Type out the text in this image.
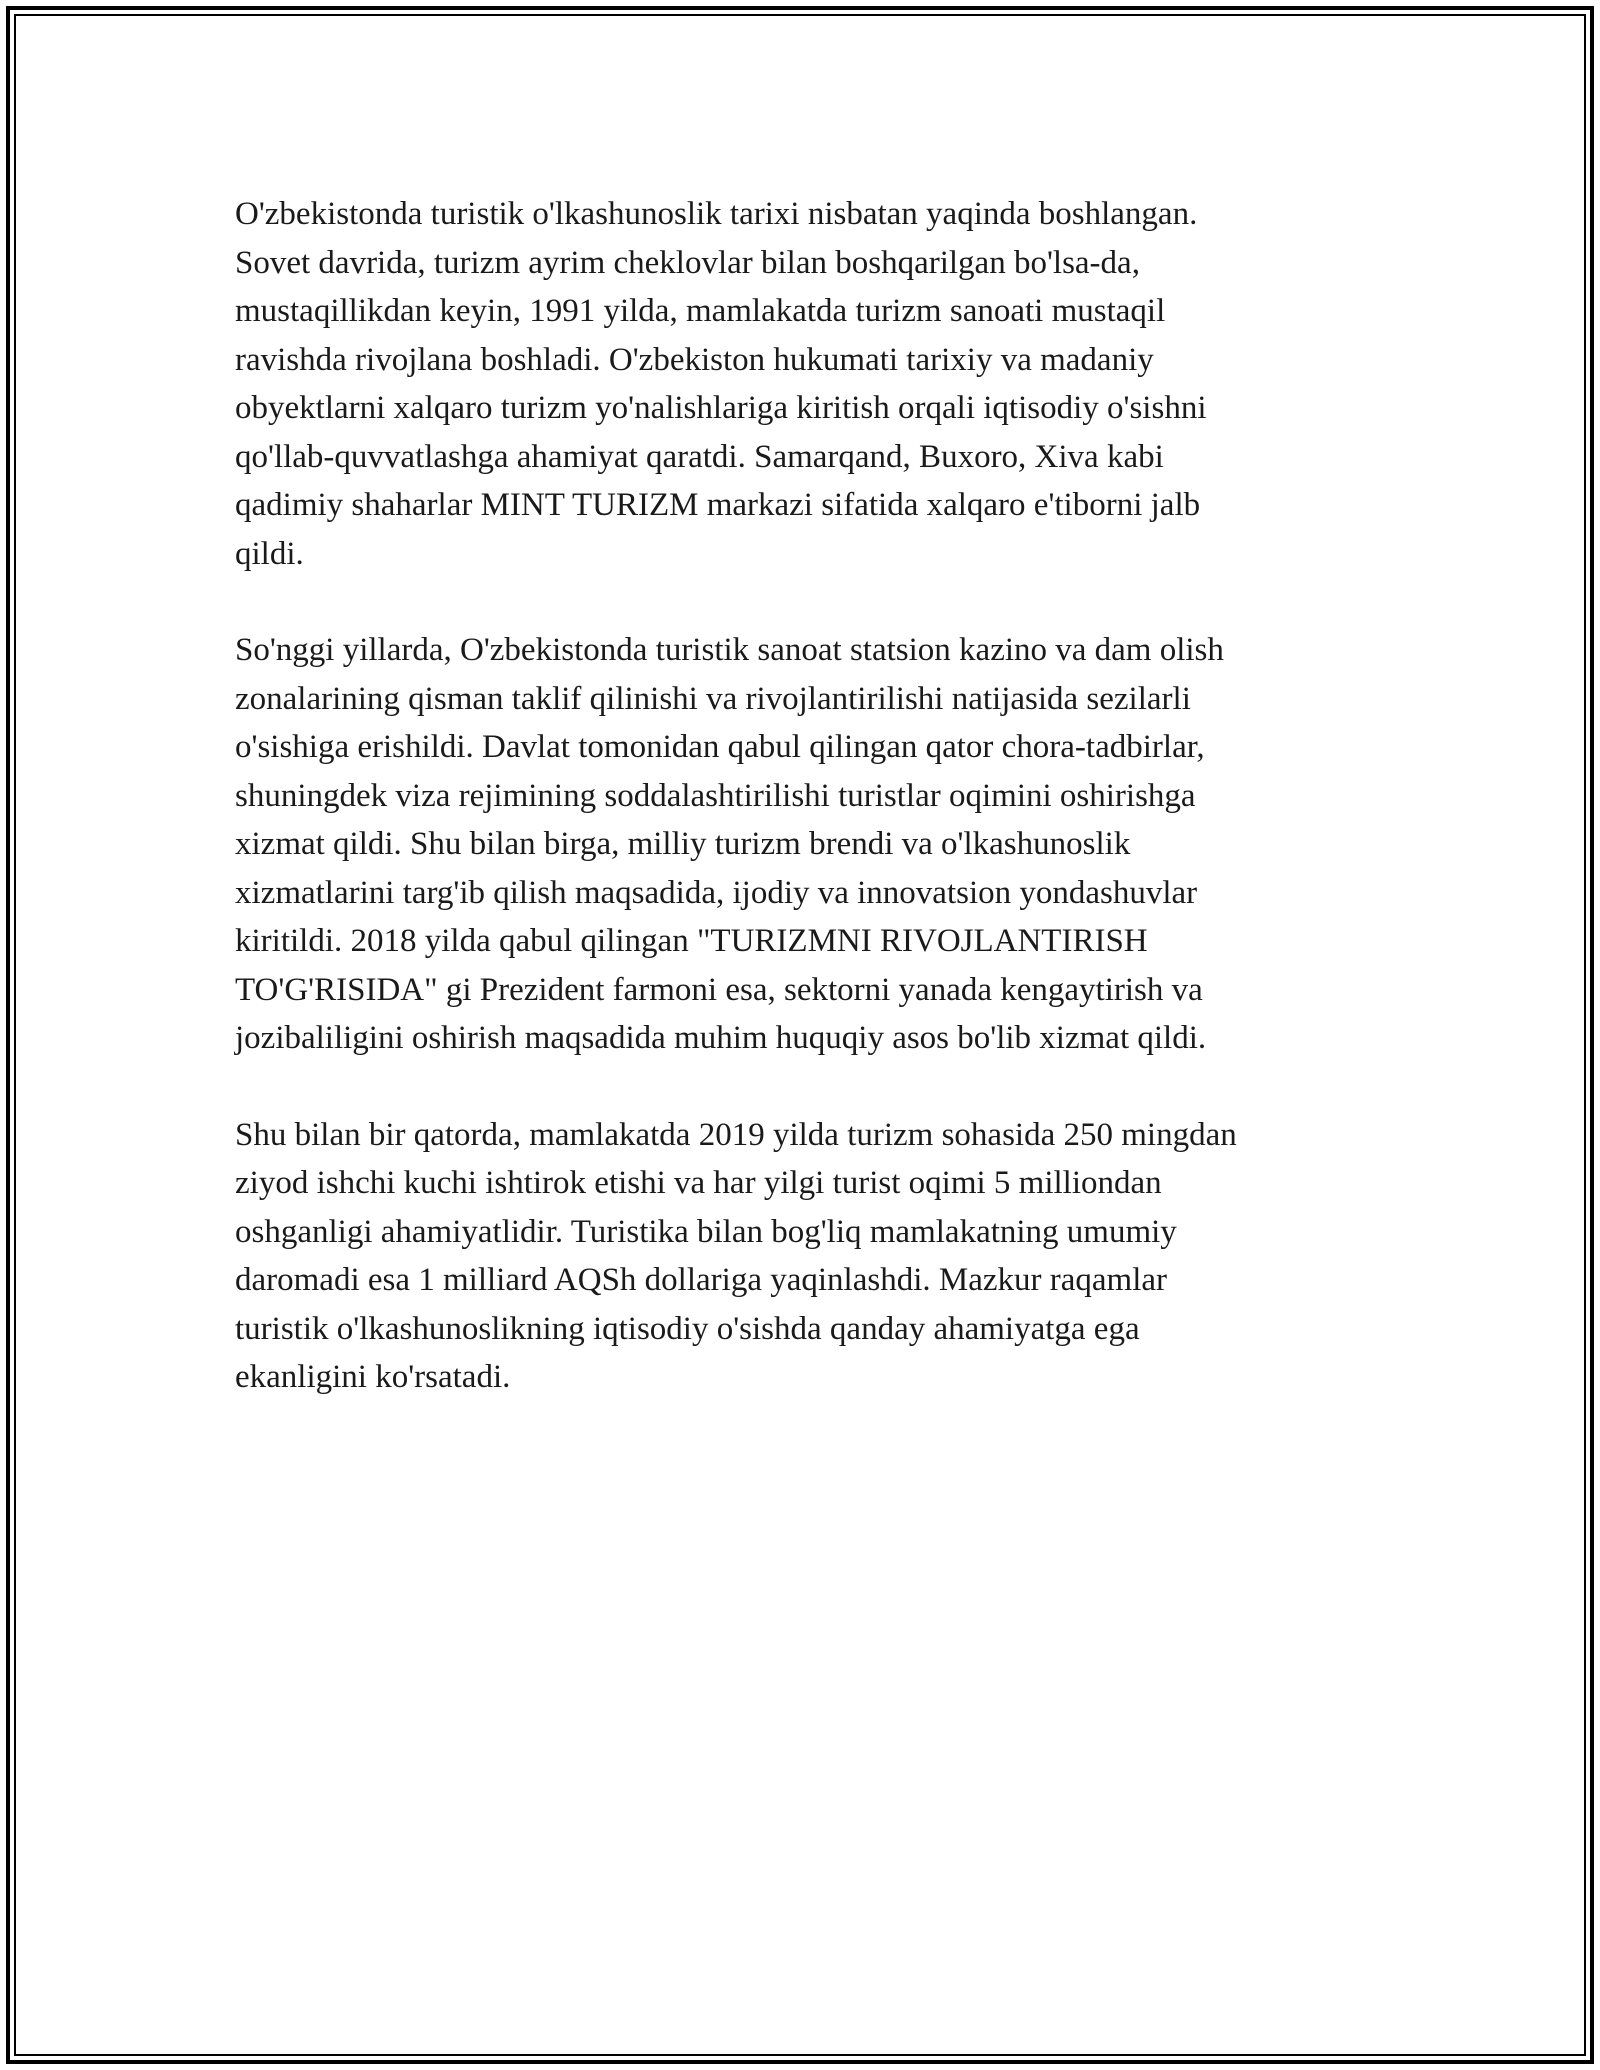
O'zbekistonda turistik o'lkashunoslik tarixi nisbatan yaqinda boshlangan.
Sovet davrida, turizm ayrim cheklovlar bilan boshqarilgan bo'lsa-da,
mustaqillikdan keyin, 1991 yilda, mamlakatda turizm sanoati mustaqil
ravishda rivojlana boshladi. O'zbekiston hukumati tarixiy va madaniy
obyektlarni xalqaro turizm yo'nalishlariga kiritish orqali iqtisodiy o'sishni
qo'llab-quvvatlashga ahamiyat qaratdi. Samarqand, Buxoro, Xiva kabi
qadimiy shaharlar MINT TURIZM markazi sifatida xalqaro e'tiborni jalb
qildi.

So'nggi yillarda, O'zbekistonda turistik sanoat statsion kazino va dam olish
zonalarining qisman taklif qilinishi va rivojlantirilishi natijasida sezilarli
o'sishiga erishildi. Davlat tomonidan qabul qilingan qator chora-tadbirlar,
shuningdek viza rejimining soddalashtirilishi turistlar oqimini oshirishga
xizmat qildi. Shu bilan birga, milliy turizm brendi va o'lkashunoslik
xizmatlarini targ'ib qilish maqsadida, ijodiy va innovatsion yondashuvlar
kiritildi. 2018 yilda qabul qilingan "TURIZMNI RIVOJLANTIRISH
TO'G'RISIDA" gi Prezident farmoni esa, sektorni yanada kengaytirish va
jozibaliligini oshirish maqsadida muhim huquqiy asos bo'lib xizmat qildi.

Shu bilan bir qatorda, mamlakatda 2019 yilda turizm sohasida 250 mingdan
ziyod ishchi kuchi ishtirok etishi va har yilgi turist oqimi 5 milliondan
oshganligi ahamiyatlidir. Turistika bilan bog'liq mamlakatning umumiy
daromadi esa 1 milliard AQSh dollariga yaqinlashdi. Mazkur raqamlar
turistik o'lkashunoslikning iqtisodiy o'sishda qanday ahamiyatga ega
ekanligini ko'rsatadi.
